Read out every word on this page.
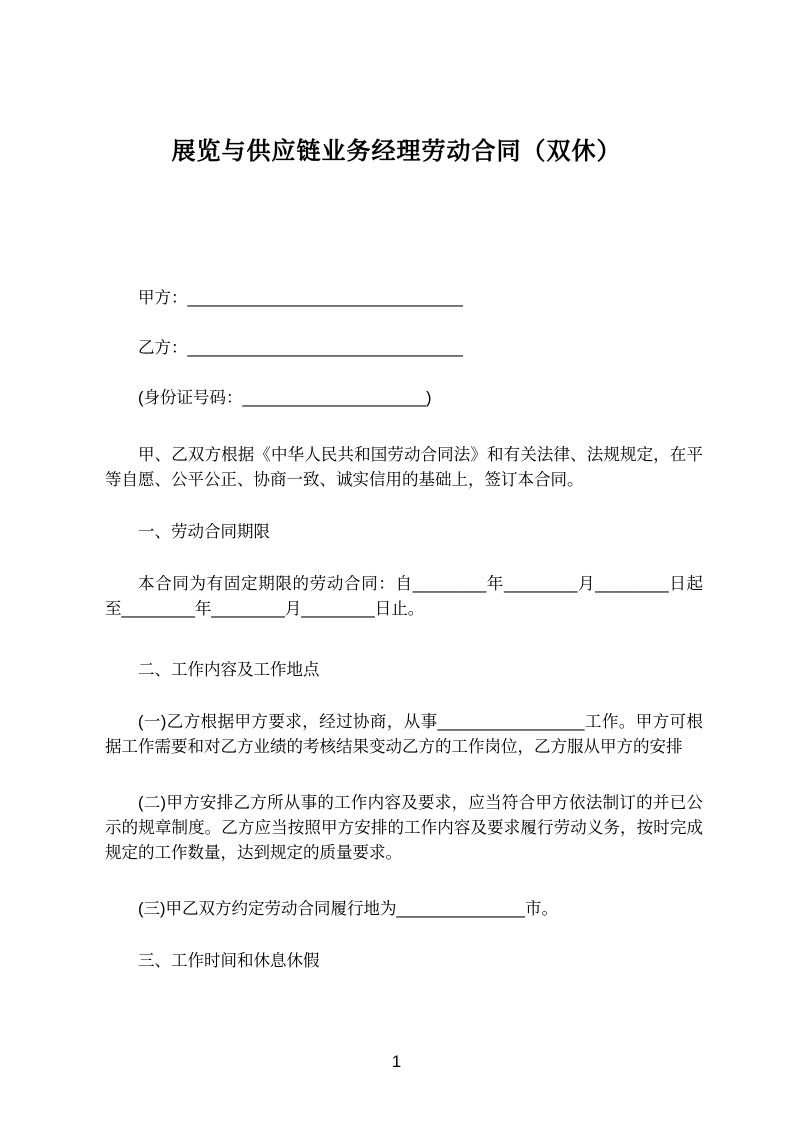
展览与供应链业务经理劳动合同（双休）

甲方：______________________________

乙方：______________________________

(身份证号码：____________________)

甲、乙双方根据《中华人民共和国劳动合同法》和有关法律、法规规定，在平等自愿、公平公正、协商一致、诚实信用的基础上，签订本合同。

一、劳动合同期限

本合同为有固定期限的劳动合同：自________年________月________日起至________年________月________日止。

二、工作内容及工作地点

(一)乙方根据甲方要求，经过协商，从事________________工作。甲方可根据工作需要和对乙方业绩的考核结果变动乙方的工作岗位，乙方服从甲方的安排

(二)甲方安排乙方所从事的工作内容及要求，应当符合甲方依法制订的并已公示的规章制度。乙方应当按照甲方安排的工作内容及要求履行劳动义务，按时完成规定的工作数量，达到规定的质量要求。

(三)甲乙双方约定劳动合同履行地为______________市。

三、工作时间和休息休假

1
